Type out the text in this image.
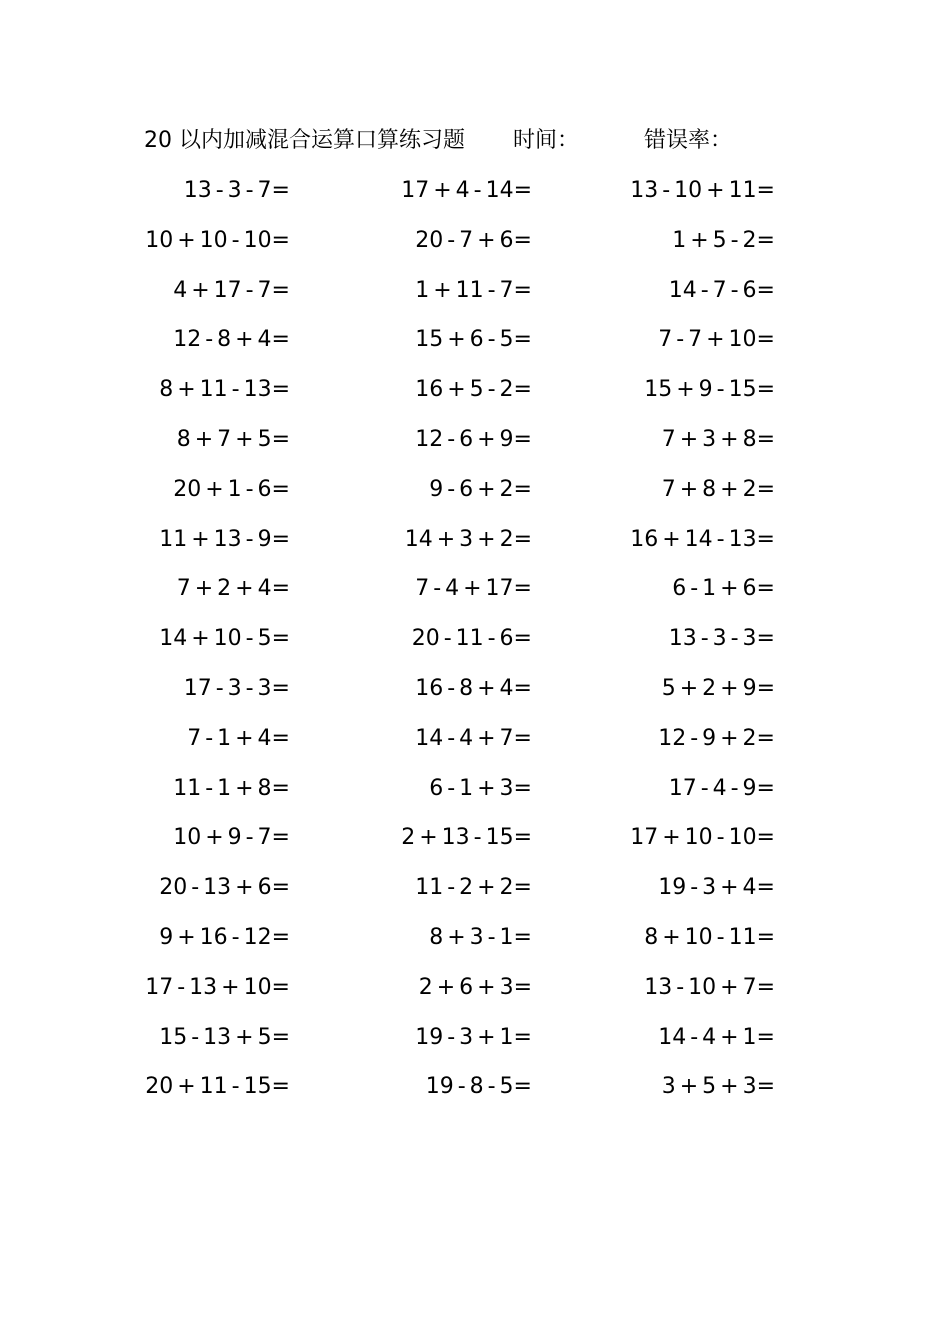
20 以内加减混合运算口算练习题 时间：	错误率：
13 - 3 - 7=	17 + 4 - 14=	13 - 10 + 11=
10 + 10 - 10=	20 - 7 + 6=	1 + 5 - 2=
4 + 17 - 7=	1 + 11 - 7=	14 - 7 - 6=
12 - 8 + 4=	15 + 6 - 5=	7 - 7 + 10=
8 + 11 - 13=	16 + 5 - 2=	15 + 9 - 15=
8 + 7 + 5=	12 - 6 + 9=	7 + 3 + 8=
20 + 1 - 6=	9 - 6 + 2=	7 + 8 + 2=
11 + 13 - 9=	14 + 3 + 2=	16 + 14 - 13=
7 + 2 + 4=	7 - 4 + 17=	6 - 1 + 6=
14 + 10 - 5=	20 - 11 - 6=	13 - 3 - 3=
17 - 3 - 3=	16 - 8 + 4=	5 + 2 + 9=
7 - 1 + 4=	14 - 4 + 7=	12 - 9 + 2=
11 - 1 + 8=	6 - 1 + 3=	17 - 4 - 9=
10 + 9 - 7=	2 + 13 - 15=	17 + 10 - 10=
20 - 13 + 6=	11 - 2 + 2=	19 - 3 + 4=
9 + 16 - 12=	8 + 3 - 1=	8 + 10 - 11=
17 - 13 + 10=	2 + 6 + 3=	13 - 10 + 7=
15 - 13 + 5=	19 - 3 + 1=	14 - 4 + 1=
20 + 11 - 15=	19 - 8 - 5=	3 + 5 + 3=
